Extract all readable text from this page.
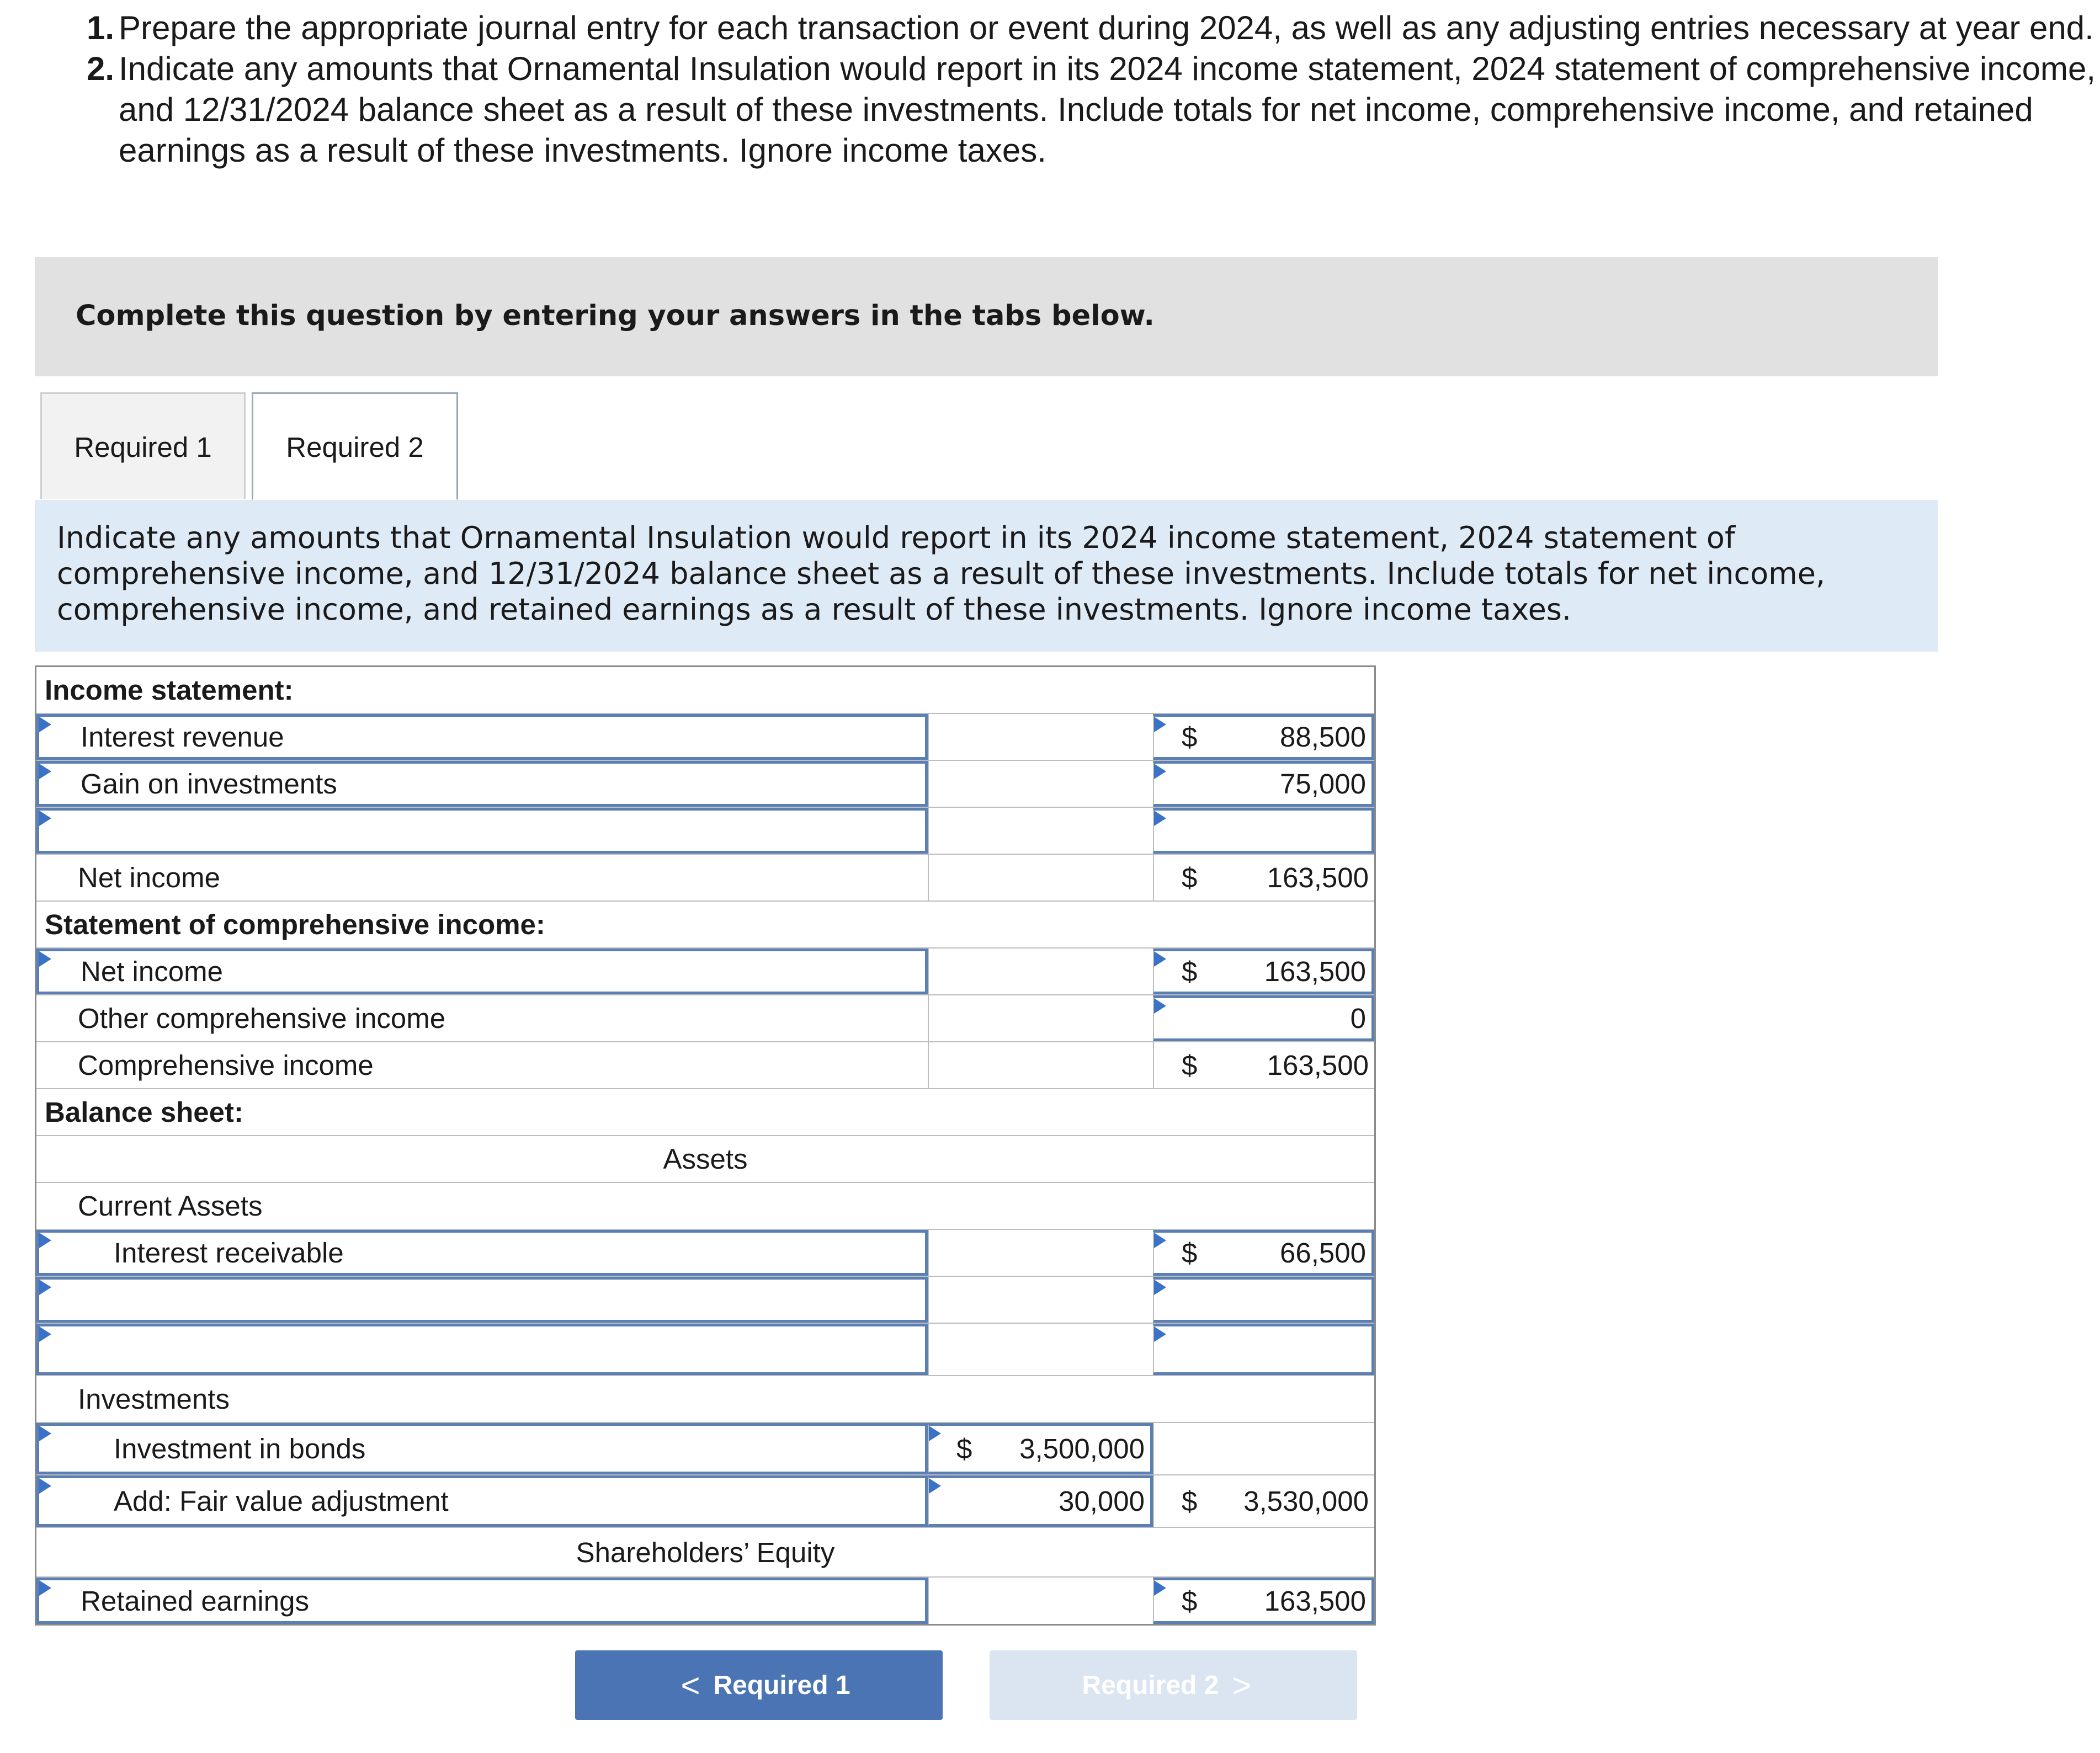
1. Prepare the appropriate journal entry for each transaction or event during 2024, as well as any adjusting entries necessary at year end.
2. Indicate any amounts that Ornamental Insulation would report in its 2024 income statement, 2024 statement of comprehensive income, and 12/31/2024 balance sheet as a result of these investments. Include totals for net income, comprehensive income, and retained earnings as a result of these investments. Ignore income taxes.
Complete this question by entering your answers in the tabs below.
Required 1	Required 2

Indicate any amounts that Ornamental Insulation would report in its 2024 income statement, 2024 statement of comprehensive income, and 12/31/2024 balance sheet as a result of these investments. Include totals for net income, comprehensive income, and retained earnings as a result of these investments. Ignore income taxes.

Income statement:
Interest revenue	$	88,500
Gain on investments	75,000
Net income	$ 163,500
Statement of comprehensive income:
Net income	$ 163,500
Other comprehensive income	0
Comprehensive income	$ 163,500
Balance sheet:
Assets
Current Assets
Interest receivable	$	66,500
Investments
Investment in bonds	$ 3,500,000
Add: Fair value adjustment	30,000 $ 3,530,000
Shareholders’ Equity
Retained earnings	$ 163,500
< Required 1	Required 2 >
